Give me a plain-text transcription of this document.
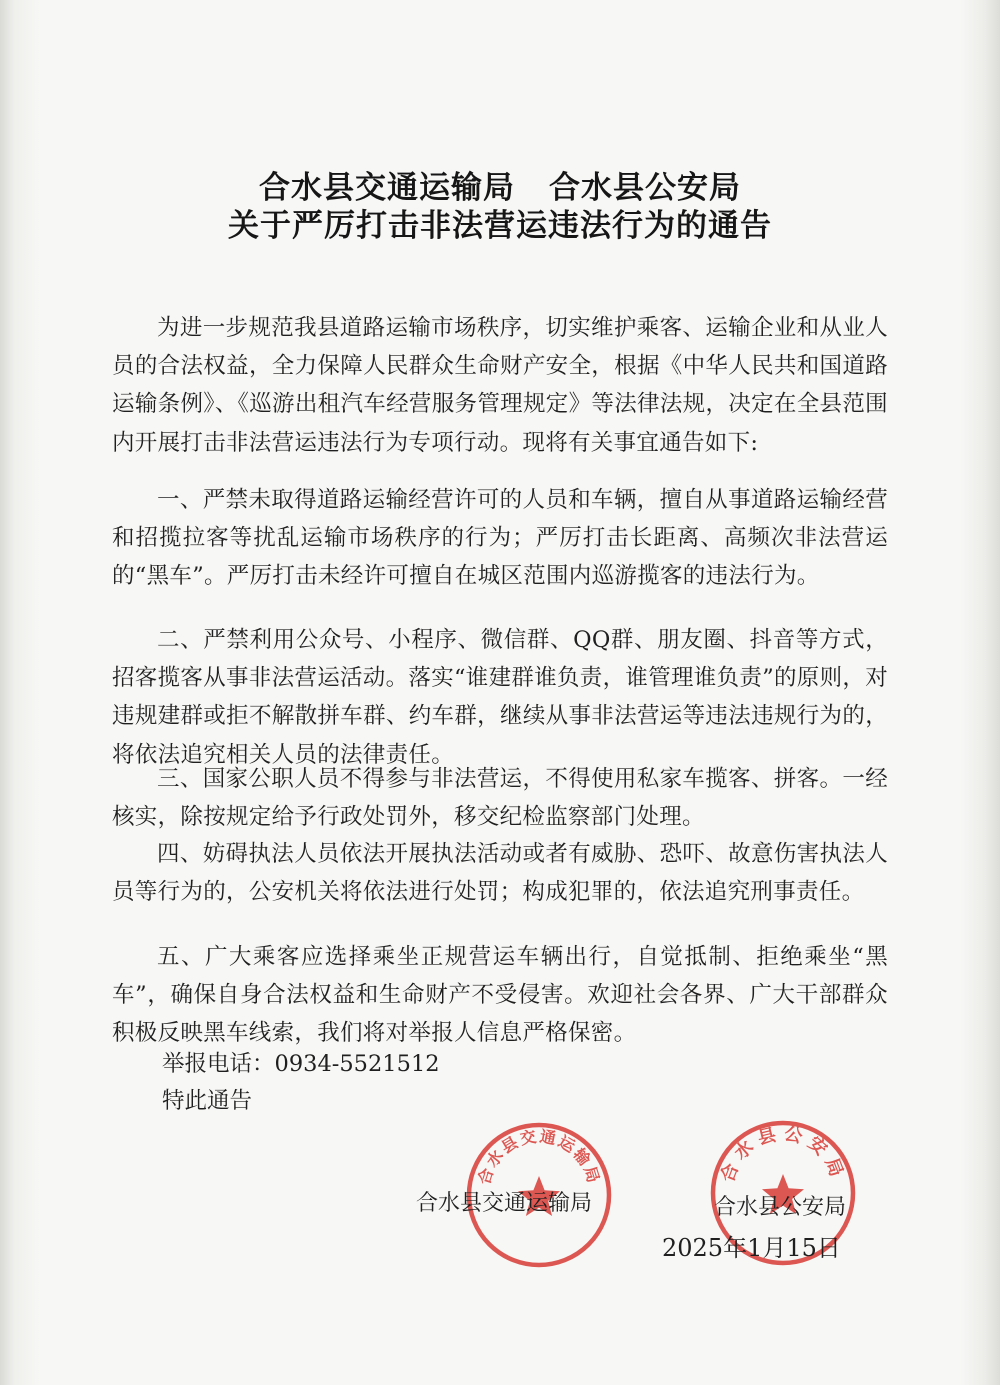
合水县交通运输局 合水县公安局
关于严厉打击非法营运违法行为的通告

为进一步规范我县道路运输市场秩序，切实维护乘客、运输企业和从业人员的合法权益，全力保障人民群众生命财产安全，根据《中华人民共和国道路运输条例》、《巡游出租汽车经营服务管理规定》等法律法规，决定在全县范围内开展打击非法营运违法行为专项行动。现将有关事宜通告如下:

一、严禁未取得道路运输经营许可的人员和车辆，擅自从事道路运输经营和招揽拉客等扰乱运输市场秩序的行为；严厉打击长距离、高频次非法营运的“黑车”。严厉打击未经许可擅自在城区范围内巡游揽客的违法行为。

二、严禁利用公众号、小程序、微信群、QQ群、朋友圈、抖音等方式，招客揽客从事非法营运活动。落实“谁建群谁负责，谁管理谁负责”的原则，对违规建群或拒不解散拼车群、约车群，继续从事非法营运等违法违规行为的，将依法追究相关人员的法律责任。

三、国家公职人员不得参与非法营运，不得使用私家车揽客、拼客。一经核实，除按规定给予行政处罚外，移交纪检监察部门处理。

四、妨碍执法人员依法开展执法活动或者有威胁、恐吓、故意伤害执法人员等行为的，公安机关将依法进行处罚；构成犯罪的，依法追究刑事责任。

五、广大乘客应选择乘坐正规营运车辆出行，自觉抵制、拒绝乘坐“黑车”，确保自身合法权益和生命财产不受侵害。欢迎社会各界、广大干部群众积极反映黑车线索，我们将对举报人信息严格保密。

举报电话：0934-5521512

特此通告

合水县交通运输局	合水县公安局

合水县交通运输局	合水县公安局

2025年1月15日
